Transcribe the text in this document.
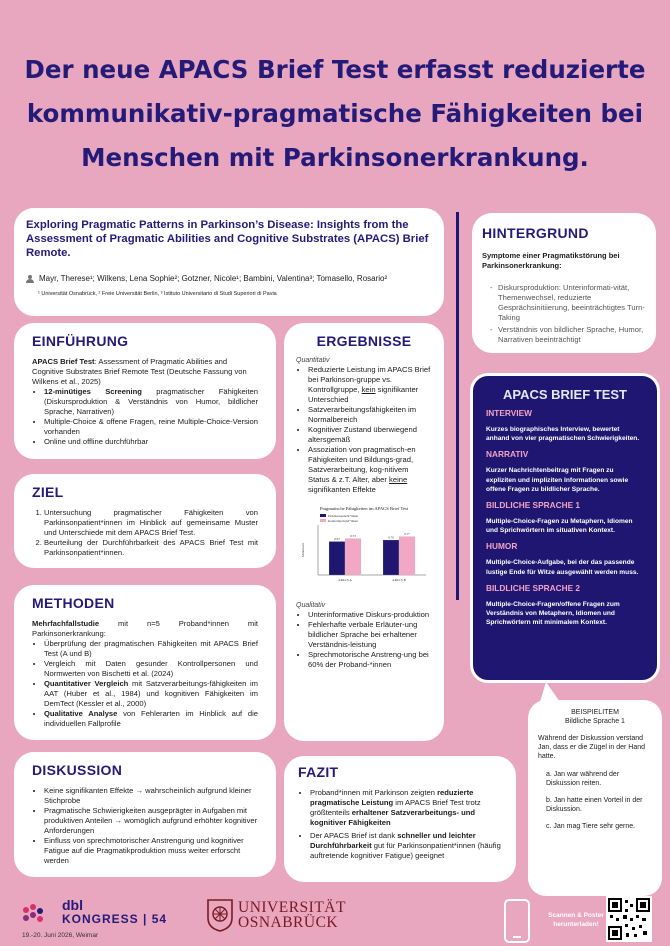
Der neue APACS Brief Test erfasst reduzierte
kommunikativ-pragmatische Fähigkeiten bei
Menschen mit Parkinsonerkrankung.
Exploring Pragmatic Patterns in Parkinson’s Disease: Insights from the Assessment of Pragmatic Abilities and Cognitive Substrates (APACS) Brief Remote.
Mayr, Therese¹; Wilkens, Lena Sophie²; Gotzner, Nicole¹; Bambini, Valentina³; Tomasello, Rosario²
¹ Universität Osnabrück, ² Freie Universität Berlin, ³ Istituto Universitario di Studi Superiori di Pavia
HINTERGRUND

Symptome einer Pragmatikstörung bei Parkinsonerkrankung:

- Diskursproduktion: Unterinformati-vität, Themenwechsel, reduzierte Gesprächsinitiierung, beeinträchtigtes Turn-Taking
- Verständnis von bildlicher Sprache, Humor, Narrativen beeinträchtigt
APACS BRIEF TEST
INTERVIEW

Kurzes biographisches Interview, bewertet anhand von vier pragmatischen Schwierigkeiten.

NARRATIV

Kurzer Nachrichtenbeitrag mit Fragen zu expliziten und impliziten Informationen sowie offene Fragen zu bildlicher Sprache.

BILDLICHE SPRACHE 1

Multiple-Choice-Fragen zu Metaphern, Idiomen und Sprichwörtern im situativen Kontext.

HUMOR

Multiple-Choice-Aufgabe, bei der das passende lustige Ende für Witze ausgewählt werden muss.

BILDLICHE SPRACHE 2

Multiple-Choice-Fragen/offene Fragen zum Verständnis von Metaphern, Idiomen und Sprichwörtern mit minimalem Kontext.

BEISPIELITEM
Bildliche Sprache 1
Während der Diskussion verstand Jan, dass er die Zügel in der Hand hatte.
a. Jan war während der Diskussion reiten.
b. Jan hatte einen Vorteil in der Diskussion.
c. Jan mag Tiere sehr gerne.
EINFÜHRUNG

APACS Brief Test: Assessment of Pragmatic Abilities and Cognitive Substrates Brief Remote Test (Deutsche Fassung von Wilkens et al., 2025)

• 12-minütiges Screening pragmatischer Fähigkeiten (Diskursproduktion & Verständnis von Humor, bildlicher Sprache, Narrativen)
• Multiple-Choice & offene Fragen, reine Multiple-Choice-Version vorhanden
• Online und offline durchführbar
ZIEL
1. Untersuchung pragmatischer Fähigkeiten von Parkinsonpatient*innen im Hinblick auf gemeinsame Muster und Unterschiede mit dem APACS Brief Test.
2. Beurteilung der Durchführbarkeit des APACS Brief Test mit Parkinsonpatient*innen.
METHODEN

Mehrfachfallstudie mit n=5 Proband*innen mit Parkinsonerkrankung:

• Überprüfung der pragmatischen Fähigkeiten mit APACS Brief Test (A und B)
• Vergleich mit Daten gesunder Kontrollpersonen und Normwerten von Bischetti et al. (2024)
• Quantitativer Vergleich mit Satzverarbeitungs-fähigkeiten im AAT (Huber et al., 1984) und kognitiven Fähigkeiten im DemTect (Kessler et al., 2000)
• Qualitative Analyse von Fehlerarten im Hinblick auf die individuellen Fallprofile
DISKUSSION
• Keine signifikanten Effekte → wahrscheinlich aufgrund kleiner Stichprobe
• Pragmatische Schwierigkeiten ausgeprägter in Aufgaben mit produktiven Anteilen → womöglich aufgrund erhöhter kognitiver Anforderungen
• Einfluss von sprechmotorischer Anstrengung und kognitiver Fatigue auf die Pragmatikproduktion muss weiter erforscht werden
ERGEBNISSE
Quantitativ
• Reduzierte Leistung im APACS Brief bei Parkinson-gruppe vs. Kontrollgruppe, kein signifikanter Unterschied
• Satzverarbeitungsfähigkeiten im Normalbereich
• Kognitiver Zustand überwiegend altersgemäß
• Assoziation von pragmatisch-en Fähigkeiten und Bildungs-grad, Satzverarbeitung, kog-nitivem Status & z.T. Alter, aber keine signifikanten Effekte
Pragmatische Fähigkeiten im APACS Brief Test
Parkinsonpatient*innen
Kontrollproband*innen
Mittelwert
0.67
0.73
APACS A
0.70
0.77
APACS B
Qualitativ
• Unterinformative Diskurs-produktion
• Fehlerhafte verbale Erläuter-ung bildlicher Sprache bei erhaltener Verständnis-leistung
• Sprechmotorische Anstreng-ung bei 60% der Proband-*innen
FAZIT
• Proband*innen mit Parkinson zeigten reduzierte pragmatische Leistung im APACS Brief Test trotz größtenteils erhaltener Satzverarbeitungs- und kognitiver Fähigkeiten
• Der APACS Brief ist dank schneller und leichter Durchführbarkeit gut für Parkinsonpatient*innen (häufig auftretende kognitiver Fatigue) geeignet
dbl
KONGRESS | 54
19.-20. Juni 2026, Weimar
UNIVERSITÄT
OSNABRÜCK	Scannen & Poster herunterladen!
